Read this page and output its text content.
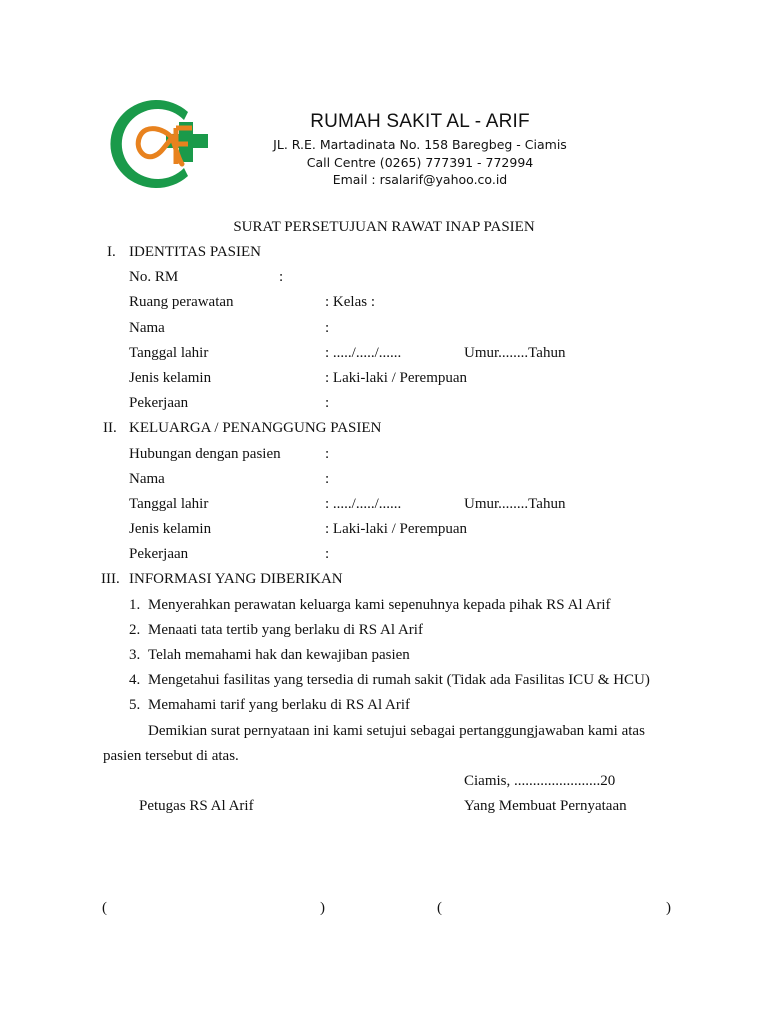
RUMAH SAKIT AL - ARIF
JL. R.E. Martadinata No. 158 Baregbeg - Ciamis
Call Centre (0265) 777391 - 772994
Email : rsalarif@yahoo.co.id
SURAT PERSETUJUAN RAWAT INAP PASIEN
I. IDENTITAS PASIEN
No. RM	:
Ruang perawatan	: Kelas :
Nama	:
Tanggal lahir	: ...../...../......	Umur........Tahun
Jenis kelamin	: Laki-laki / Perempuan
Pekerjaan	:
II. KELUARGA / PENANGGUNG PASIEN
Hubungan dengan pasien	:
Nama	:
Tanggal lahir	: ...../...../......	Umur........Tahun
Jenis kelamin	: Laki-laki / Perempuan
Pekerjaan	:
III. INFORMASI YANG DIBERIKAN
1. Menyerahkan perawatan keluarga kami sepenuhnya kepada pihak RS Al Arif
2. Menaati tata tertib yang berlaku di RS Al Arif
3. Telah memahami hak dan kewajiban pasien
4. Mengetahui fasilitas yang tersedia di rumah sakit (Tidak ada Fasilitas ICU & HCU)
5. Memahami tarif yang berlaku di RS Al Arif
Demikian surat pernyataan ini kami setujui sebagai pertanggungjawaban kami atas
pasien tersebut di atas.
Ciamis, .......................20
Petugas RS Al Arif	Yang Membuat Pernyataan
(	)	(	)
